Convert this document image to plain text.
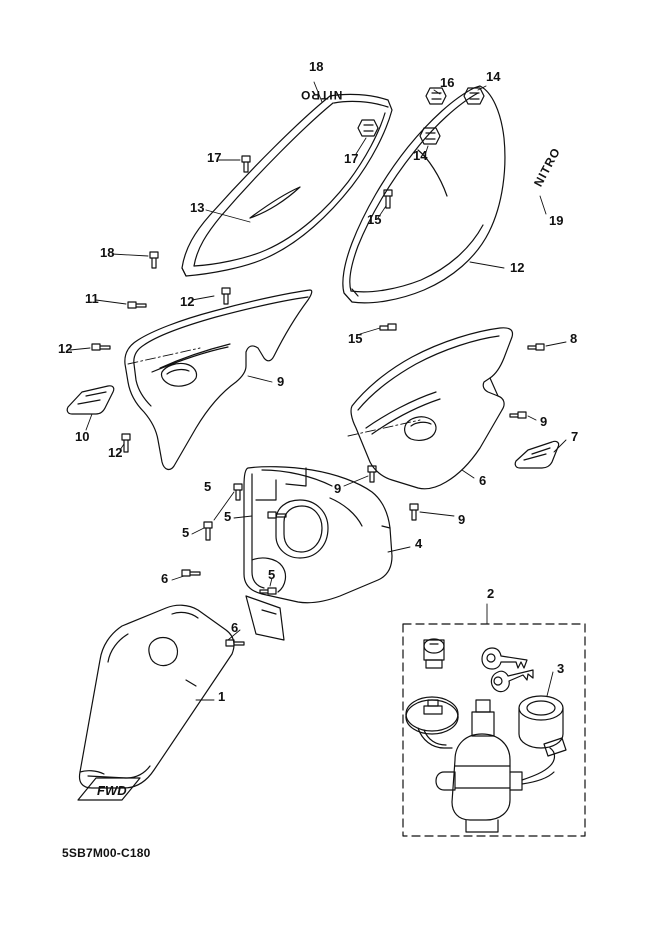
NITRO
NITRO
FWD
5SB7M00-C180
18
19
17
18
16
17
14
14
15
15
13
12
11	12
12
12
9
10
8
9
9
9
6
7
5
5
5
5
6
6
4
2
3
1
